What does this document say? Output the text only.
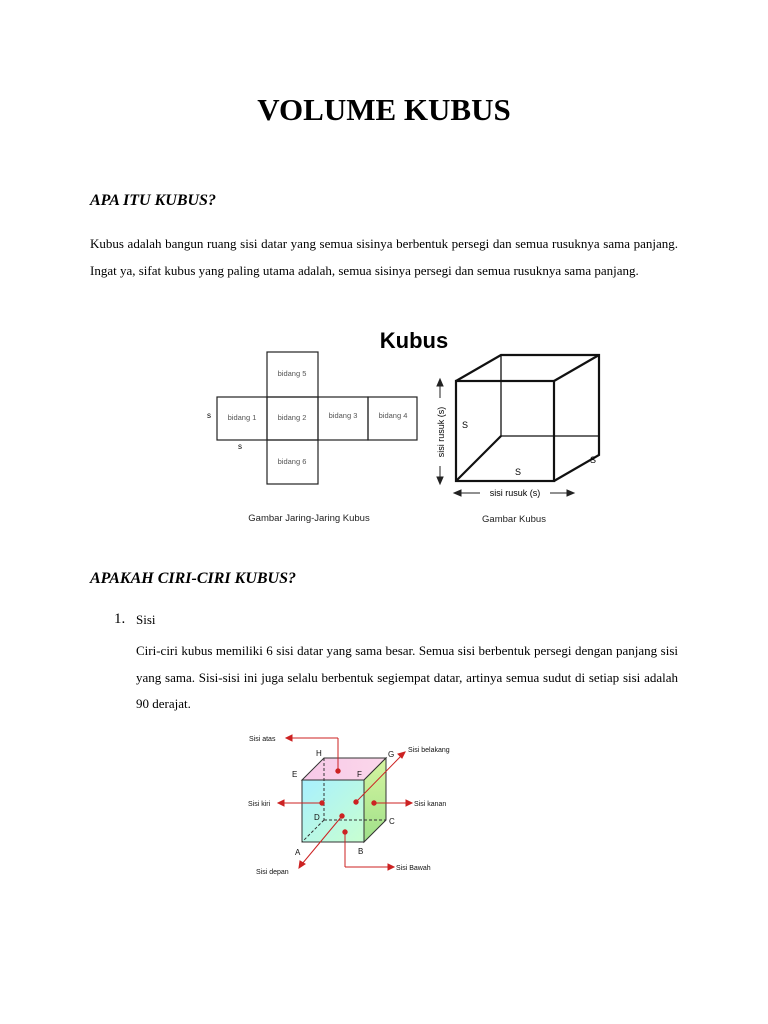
VOLUME KUBUS
APA ITU KUBUS?

Kubus adalah bangun ruang sisi datar yang semua sisinya berbentuk persegi dan semua rusuknya sama panjang. Ingat ya, sifat kubus yang paling utama adalah, semua sisinya persegi dan semua rusuknya sama panjang.

Kubus
bidang 5
bidang 1	bidang 2	bidang 3	bidang 4
bidang 6
s
s
Gambar Jaring-Jaring Kubus
sisi rusuk (s)
sisi rusuk (s)
S
S
S
Gambar Kubus
APAKAH CIRI-CIRI KUBUS?

1. Sisi

Ciri-ciri kubus memiliki 6 sisi datar yang sama besar. Semua sisi berbentuk persegi dengan panjang sisi yang sama. Sisi-sisi ini juga selalu berbentuk segiempat datar, artinya semua sudut di setiap sisi adalah 90 derajat.

A	B
C
D
E	F
G
H
Sisi atas
Sisi belakang
Sisi kiri	Sisi kanan
Sisi depan
Sisi Bawah
